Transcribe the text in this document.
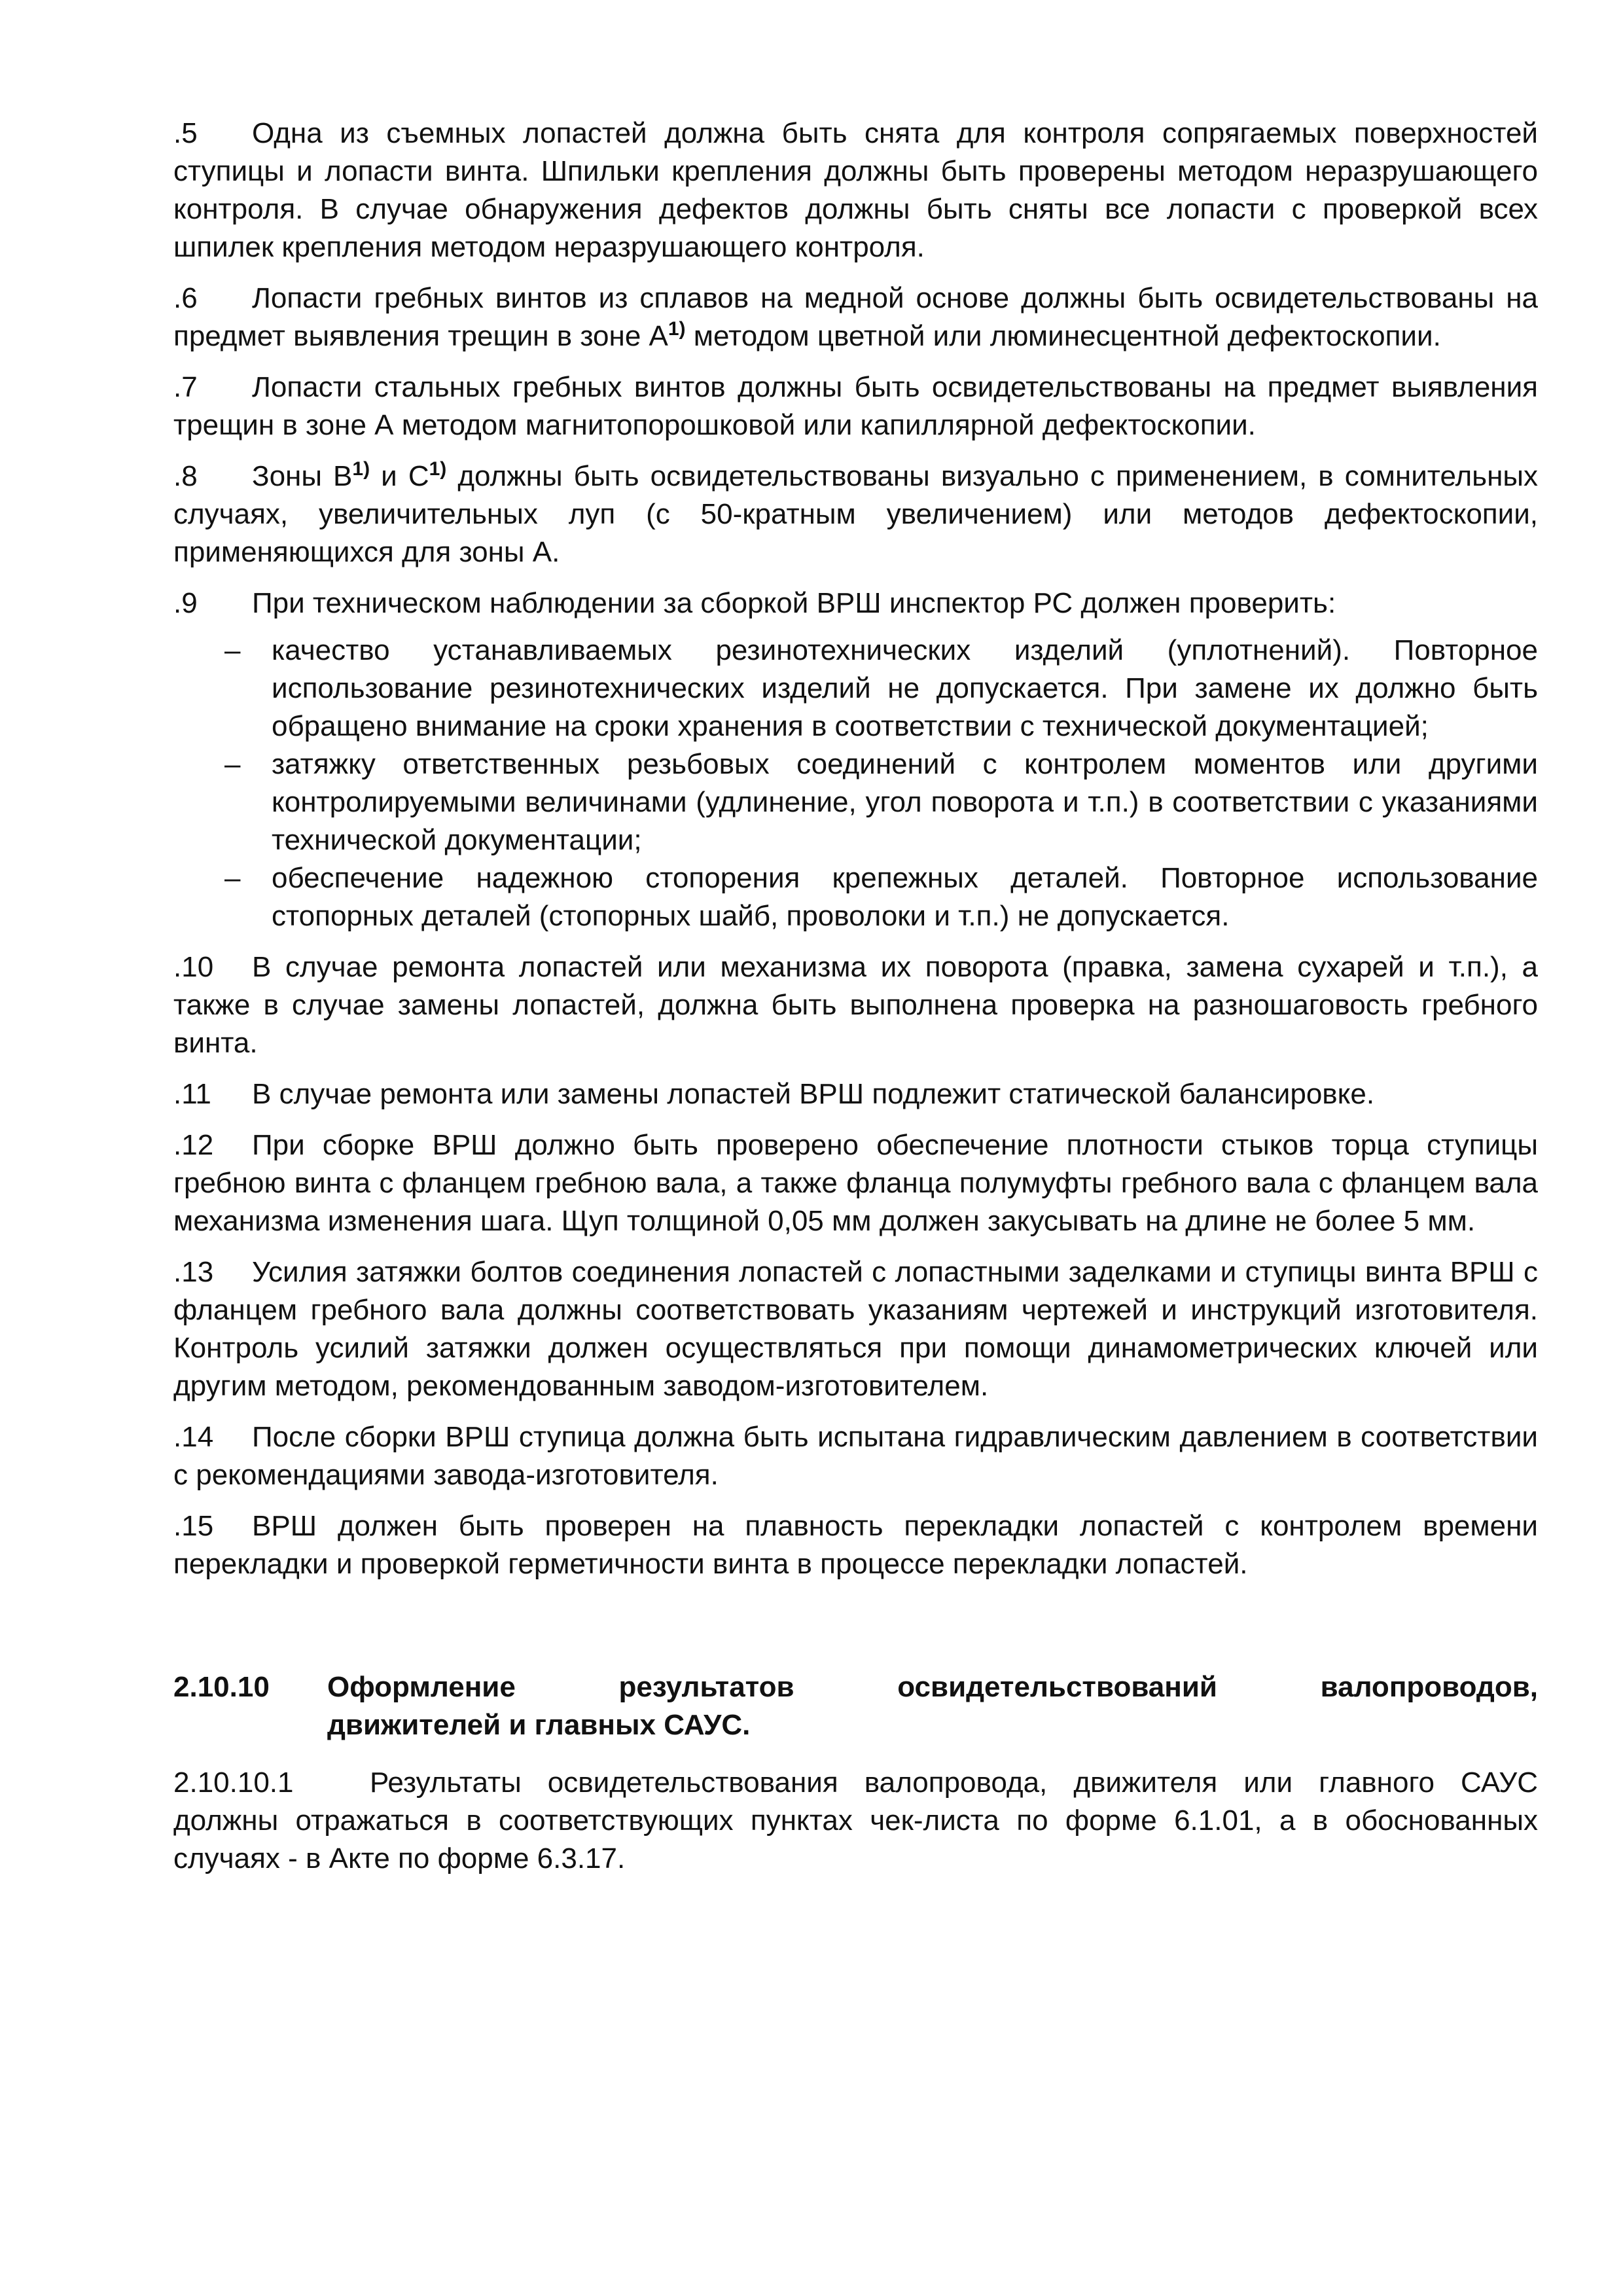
.5 Одна из съемных лопастей должна быть снята для контроля сопрягаемых поверхностей ступицы и лопасти винта. Шпильки крепления должны быть проверены методом неразрушающего контроля. В случае обнаружения дефектов должны быть сняты все лопасти с проверкой всех шпилек крепления методом неразрушающего контроля.

.6 Лопасти гребных винтов из сплавов на медной основе должны быть освидетельствованы на предмет выявления трещин в зоне $А^{1)}$ методом цветной или люминесцентной дефектоскопии.

.7 Лопасти стальных гребных винтов должны быть освидетельствованы на предмет выявления трещин в зоне А методом магнитопорошковой или капиллярной дефектоскопии.

.8 Зоны $В^{1)}$ и $С^{1)}$ должны быть освидетельствованы визуально с применением, в сомнительных случаях, увеличительных луп (с 50-кратным увеличением) или методов дефектоскопии, применяющихся для зоны А.

.9 При техническом наблюдении за сборкой ВРШ инспектор РС должен проверить:

– качество устанавливаемых резинотехнических изделий (уплотнений). Повторное использование резинотехнических изделий не допускается. При замене их должно быть обращено внимание на сроки хранения в соответствии с технической документацией;
– затяжку ответственных резьбовых соединений с контролем моментов или другими контролируемыми величинами (удлинение, угол поворота и т.п.) в соответствии с указаниями технической документации;
– обеспечение надежною стопорения крепежных деталей. Повторное использование стопорных деталей (стопорных шайб, проволоки и т.п.) не допускается.

.10 В случае ремонта лопастей или механизма их поворота (правка, замена сухарей и т.п.), а также в случае замены лопастей, должна быть выполнена проверка на разношаговость гребного винта.

.11 В случае ремонта или замены лопастей ВРШ подлежит статической балансировке.

.12 При сборке ВРШ должно быть проверено обеспечение плотности стыков торца ступицы гребною винта с фланцем гребною вала, а также фланца полумуфты гребного вала с фланцем вала механизма изменения шага. Щуп толщиной 0,05 мм должен закусывать на длине не более 5 мм.

.13 Усилия затяжки болтов соединения лопастей с лопастными заделками и ступицы винта ВРШ с фланцем гребного вала должны соответствовать указаниям чертежей и инструкций изготовителя. Контроль усилий затяжки должен осуществляться при помощи динамометрических ключей или другим методом, рекомендованным заводом-изготовителем.

.14 После сборки ВРШ ступица должна быть испытана гидравлическим давлением в соответствии с рекомендациями завода-изготовителя.

.15 ВРШ должен быть проверен на плавность перекладки лопастей с контролем времени перекладки и проверкой герметичности винта в процессе перекладки лопастей.

2.10.10	Оформление	результатов	освидетельствований	валопроводов,
движителей и главных САУС.

2.10.10.1	Результаты освидетельствования валопровода, движителя или главного САУС должны отражаться в соответствующих пунктах чек-листа по форме 6.1.01, а в обоснованных случаях - в Акте по форме 6.3.17.
